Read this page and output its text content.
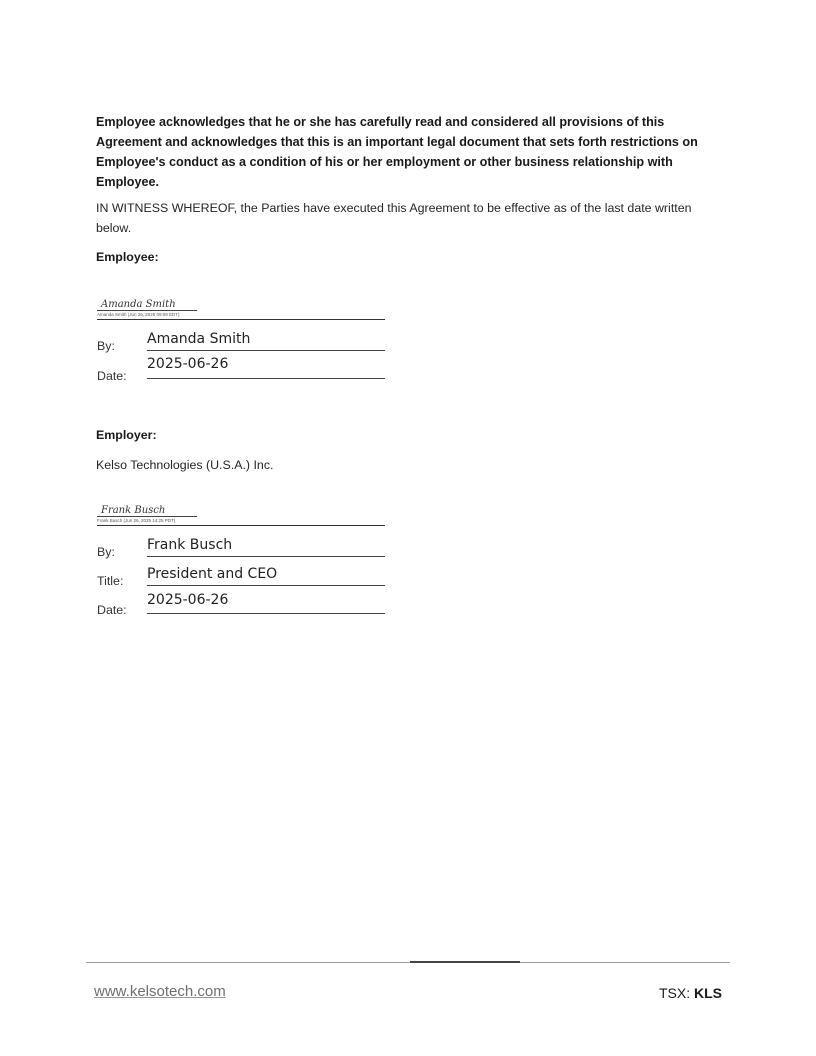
Employee acknowledges that he or she has carefully read and considered all provisions of this Agreement and acknowledges that this is an important legal document that sets forth restrictions on Employee's conduct as a condition of his or her employment or other business relationship with Employee.
IN WITNESS WHEREOF, the Parties have executed this Agreement to be effective as of the last date written below.
Employee:
Amanda Smith
Amanda Smith (Jun 26, 2025 09:09 EDT)
By: Amanda Smith
Date:
2025-06-26
Employer:
Kelso Technologies (U.S.A.) Inc.
Frank Busch
Frank Busch (Jun 26, 2025 14:25 PDT)
By: Frank Busch
Title: President and CEO
Date:
2025-06-26
www.kelsotech.com	TSX: KLS
